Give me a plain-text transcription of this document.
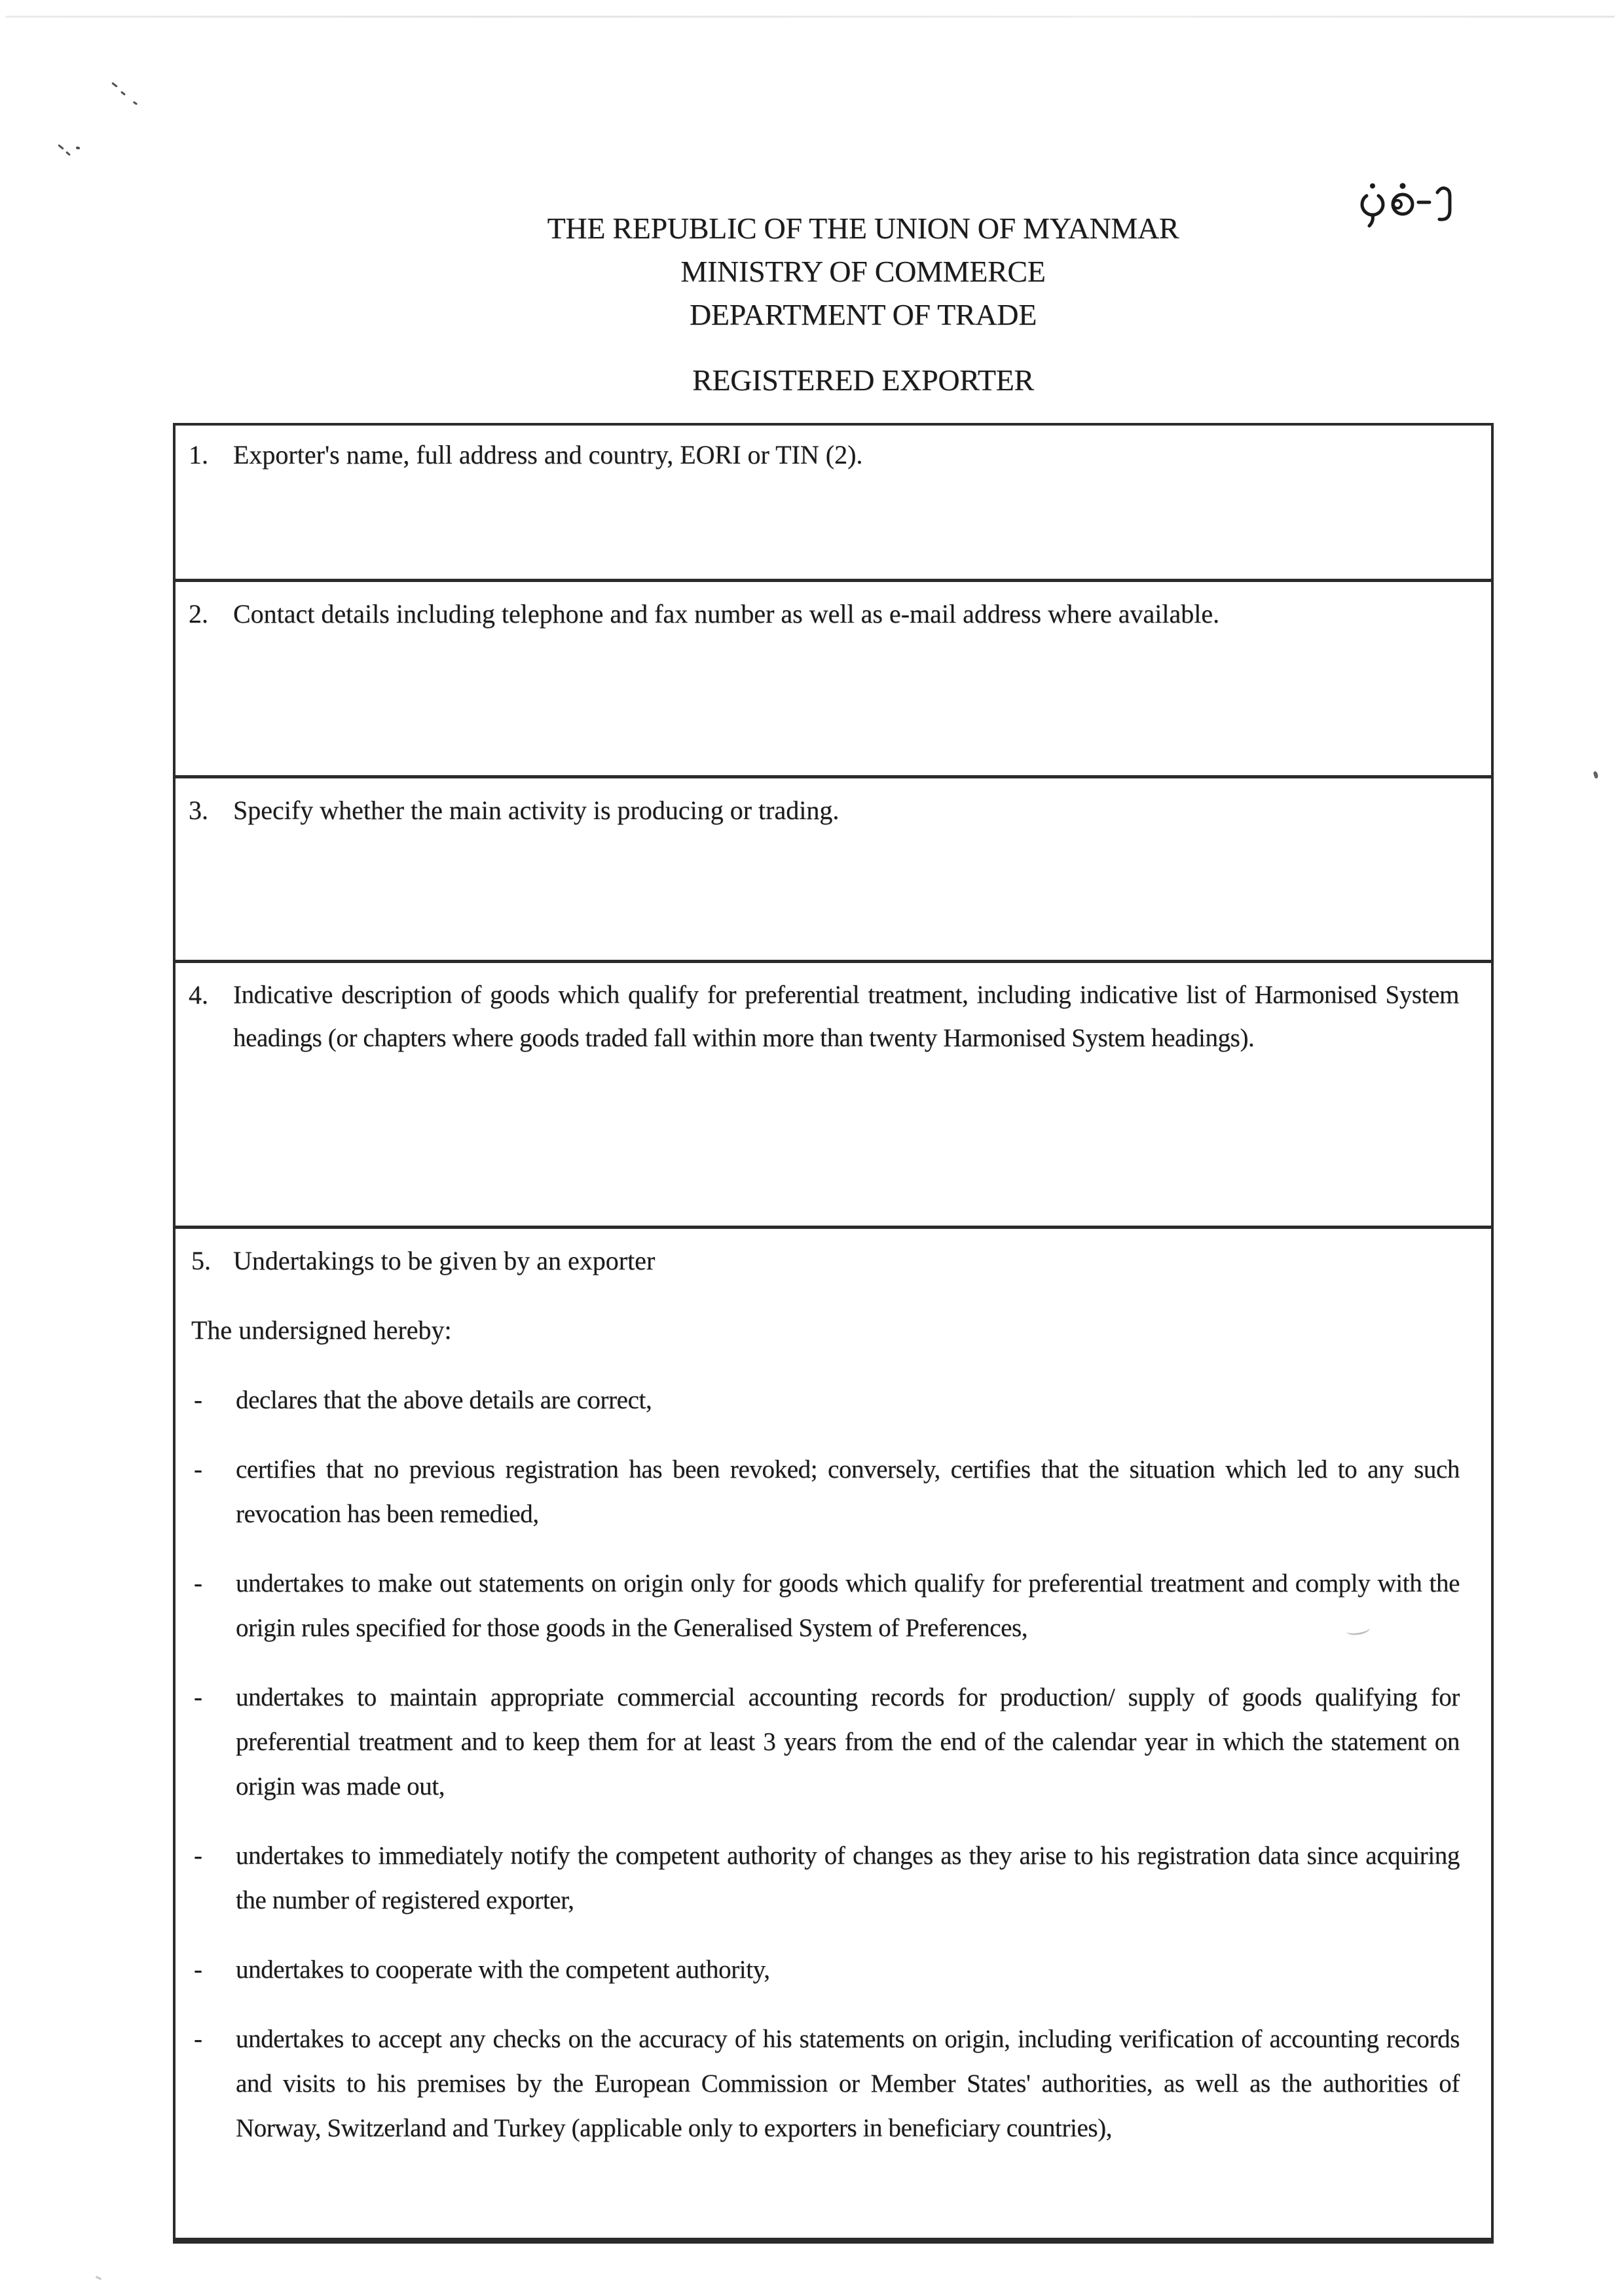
THE REPUBLIC OF THE UNION OF MYANMAR
MINISTRY OF COMMERCE
DEPARTMENT OF TRADE
REGISTERED EXPORTER
1. Exporter's name, full address and country, EORI or TIN (2).
2. Contact details including telephone and fax number as well as e-mail address where available.
3. Specify whether the main activity is producing or trading.
4. Indicative description of goods which qualify for preferential treatment, including indicative list of Harmonised System headings (or chapters where goods traded fall within more than twenty Harmonised System headings).
5. Undertakings to be given by an exporter

The undersigned hereby:

-	declares that the above details are correct,
-	certifies that no previous registration has been revoked; conversely, certifies that the situation which led to any such revocation has been remedied,
-	undertakes to make out statements on origin only for goods which qualify for preferential treatment and comply with the origin rules specified for those goods in the Generalised System of Preferences,
-	undertakes to maintain appropriate commercial accounting records for production/ supply of goods qualifying for preferential treatment and to keep them for at least 3 years from the end of the calendar year in which the statement on origin was made out,
-	undertakes to immediately notify the competent authority of changes as they arise to his registration data since acquiring the number of registered exporter,
-	undertakes to cooperate with the competent authority,
-	undertakes to accept any checks on the accuracy of his statements on origin, including verification of accounting records and visits to his premises by the European Commission or Member States' authorities, as well as the authorities of Norway, Switzerland and Turkey (applicable only to exporters in beneficiary countries),
